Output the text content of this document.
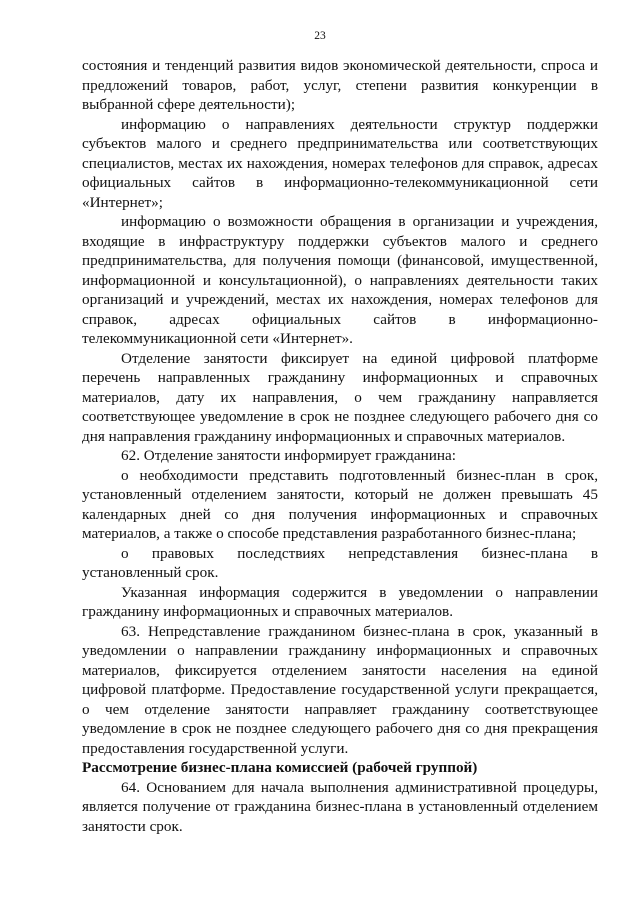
23

состояния и тенденций развития видов экономической деятельности, спроса и предложений товаров, работ, услуг, степени развития конкуренции в выбранной сфере деятельности);

информацию о направлениях деятельности структур поддержки субъектов малого и среднего предпринимательства или соответствующих специалистов, местах их нахождения, номерах телефонов для справок, адресах официальных сайтов в информационно-телекоммуникационной сети «Интернет»;

информацию о возможности обращения в организации и учреждения, входящие в инфраструктуру поддержки субъектов малого и среднего предпринимательства, для получения помощи (финансовой, имущественной, информационной и консультационной), о направлениях деятельности таких организаций и учреждений, местах их нахождения, номерах телефонов для справок, адресах официальных сайтов в информационно-телекоммуникационной сети «Интернет».

Отделение занятости фиксирует на единой цифровой платформе перечень направленных гражданину информационных и справочных материалов, дату их направления, о чем гражданину направляется соответствующее уведомление в срок не позднее следующего рабочего дня со дня направления гражданину информационных и справочных материалов.

62. Отделение занятости информирует гражданина:

о необходимости представить подготовленный бизнес-план в срок, установленный отделением занятости, который не должен превышать 45 календарных дней со дня получения информационных и справочных материалов, а также о способе представления разработанного бизнес-плана;

о правовых последствиях непредставления бизнес-плана в установленный срок.

Указанная информация содержится в уведомлении о направлении гражданину информационных и справочных материалов.

63. Непредставление гражданином бизнес-плана в срок, указанный в уведомлении о направлении гражданину информационных и справочных материалов, фиксируется отделением занятости населения на единой цифровой платформе. Предоставление государственной услуги прекращается, о чем отделение занятости направляет гражданину соответствующее уведомление в срок не позднее следующего рабочего дня со дня прекращения предоставления государственной услуги.

Рассмотрение бизнес-плана комиссией (рабочей группой)

64. Основанием для начала выполнения административной процедуры, является получение от гражданина бизнес-плана в установленный отделением занятости срок.
